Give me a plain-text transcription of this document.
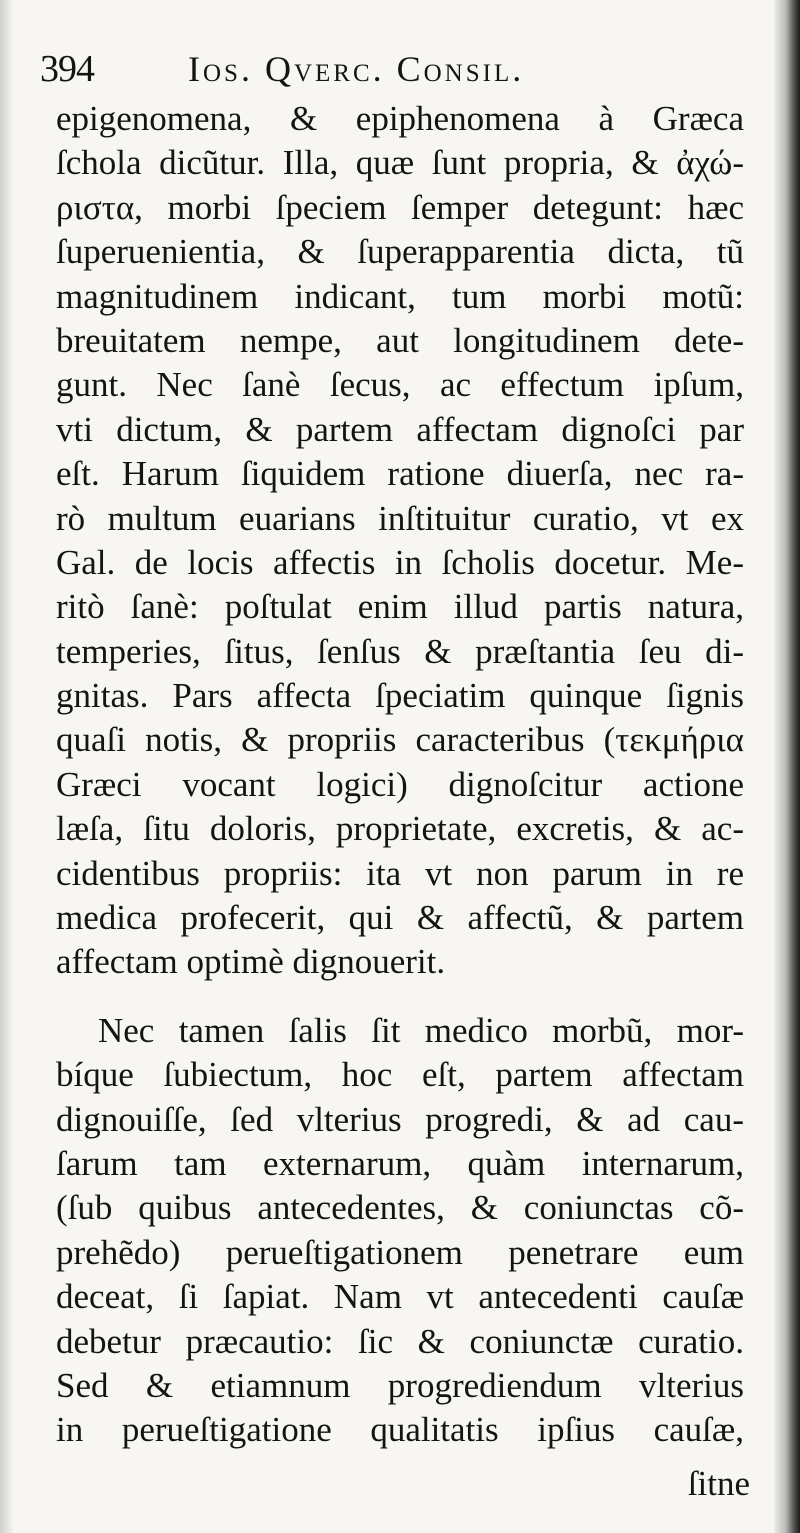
394	Ios. Qverc. Consil.
epigenomena, & epiphenomena à Græca
ſchola dicũtur. Illa, quæ ſunt propria, & ἀχώ-
ριστα, morbi ſpeciem ſemper detegunt: hæc
ſuperuenientia, & ſuperapparentia dicta, tũ
magnitudinem indicant, tum morbi motũ:
breuitatem nempe, aut longitudinem dete-
gunt. Nec ſanè ſecus, ac effectum ipſum,
vti dictum, & partem affectam dignoſci par
eſt. Harum ſiquidem ratione diuerſa, nec ra-
rò multum euarians inſtituitur curatio, vt ex
Gal. de locis affectis in ſcholis docetur. Me-
ritò ſanè: poſtulat enim illud partis natura,
temperies, ſitus, ſenſus & præſtantia ſeu di-
gnitas. Pars affecta ſpeciatim quinque ſignis
quaſi notis, & propriis caracteribus (τεκμήρια
Græci vocant logici) dignoſcitur actione
læſa, ſitu doloris, proprietate, excretis, & ac-
cidentibus propriis: ita vt non parum in re
medica profecerit, qui & affectũ, & partem
affectam optimè dignouerit.
Nec tamen ſalis ſit medico morbũ, mor-
bíque ſubiectum, hoc eſt, partem affectam
dignouiſſe, ſed vlterius progredi, & ad cau-
ſarum tam externarum, quàm internarum,
(ſub quibus antecedentes, & coniunctas cõ-
prehẽdo) perueſtigationem penetrare eum
deceat, ſi ſapiat. Nam vt antecedenti cauſæ
debetur præcautio: ſic & coniunctæ curatio.
Sed & etiamnum progrediendum vlterius
in perueſtigatione qualitatis ipſius cauſæ,
ſitne
